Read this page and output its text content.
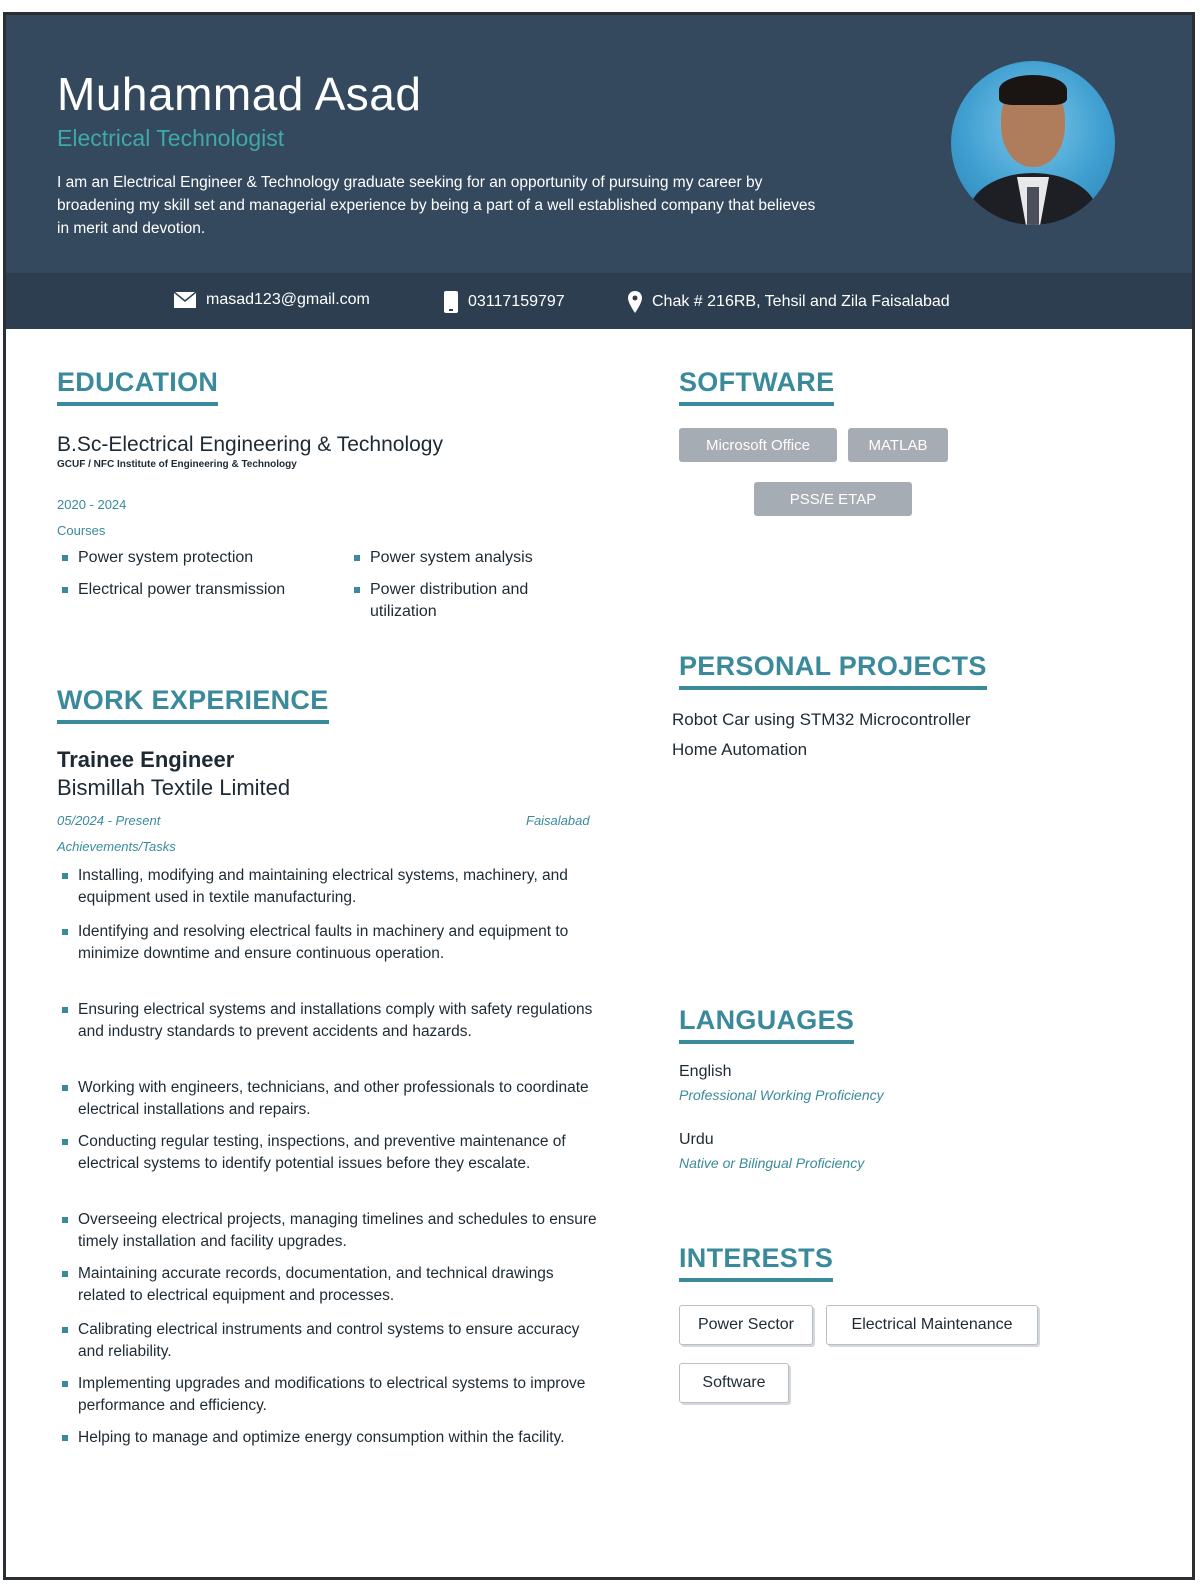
Muhammad Asad
Electrical Technologist
I am an Electrical Engineer & Technology graduate seeking for an opportunity of pursuing my career by broadening my skill set and managerial experience by being a part of a well established company that believes in merit and devotion.
masad123@gmail.com	03117159797	Chak # 216RB, Tehsil and Zila Faisalabad
EDUCATION
B.Sc-Electrical Engineering & Technology
GCUF / NFC Institute of Engineering & Technology
2020 - 2024
Courses
Power system protection	Power system analysis
Electrical power transmission	Power distribution and utilization
WORK EXPERIENCE
Trainee Engineer
Bismillah Textile Limited
05/2024 - Present	Faisalabad
Achievements/Tasks
Installing, modifying and maintaining electrical systems, machinery, and equipment used in textile manufacturing.
Identifying and resolving electrical faults in machinery and equipment to minimize downtime and ensure continuous operation.
Ensuring electrical systems and installations comply with safety regulations and industry standards to prevent accidents and hazards.
Working with engineers, technicians, and other professionals to coordinate electrical installations and repairs.
Conducting regular testing, inspections, and preventive maintenance of electrical systems to identify potential issues before they escalate.
Overseeing electrical projects, managing timelines and schedules to ensure timely installation and facility upgrades.
Maintaining accurate records, documentation, and technical drawings related to electrical equipment and processes.
Calibrating electrical instruments and control systems to ensure accuracy and reliability.
Implementing upgrades and modifications to electrical systems to improve performance and efficiency.
Helping to manage and optimize energy consumption within the facility.
SOFTWARE
Microsoft Office	MATLAB
PSS/E ETAP
PERSONAL PROJECTS
Robot Car using STM32 Microcontroller
Home Automation
LANGUAGES
English
Professional Working Proficiency
Urdu
Native or Bilingual Proficiency
INTERESTS
Power Sector	Electrical Maintenance
Software
